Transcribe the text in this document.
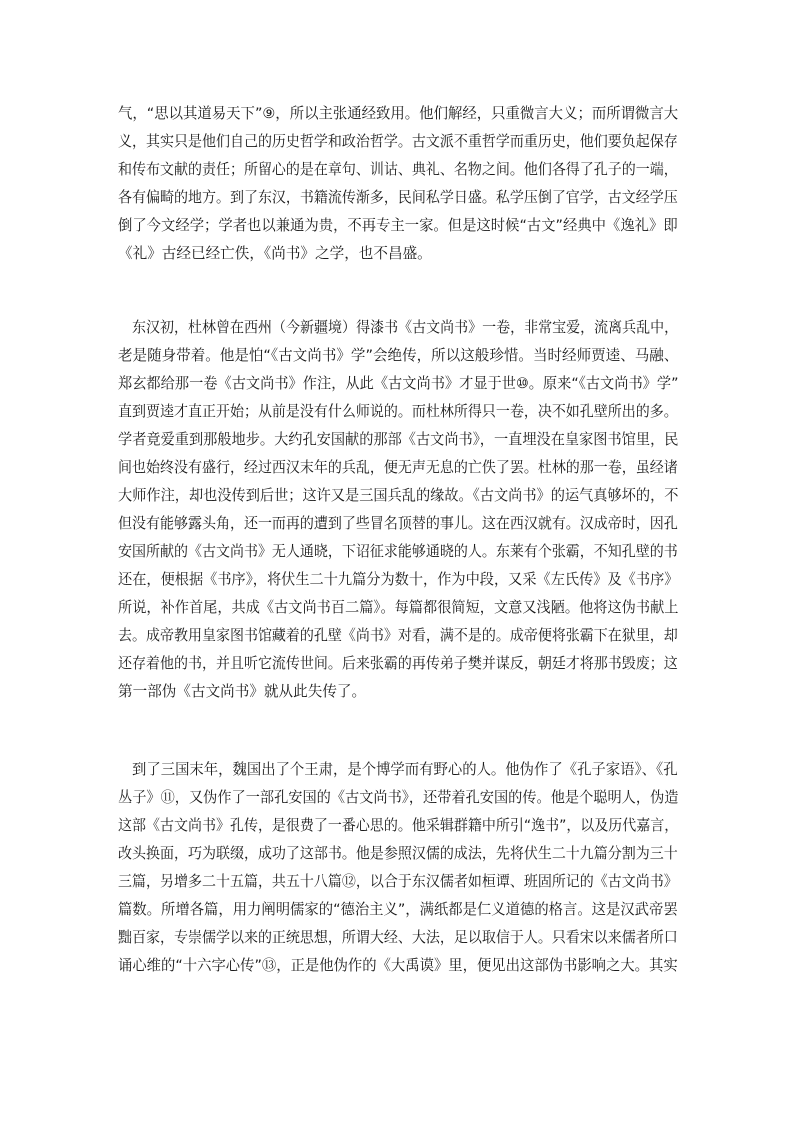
气，“思以其道易天下”⑨，所以主张通经致用。他们解经，只重微言大义；而所谓微言大
义，其实只是他们自己的历史哲学和政治哲学。古文派不重哲学而重历史，他们要负起保存
和传布文献的责任；所留心的是在章句、训诂、典礼、名物之间。他们各得了孔子的一端，
各有偏畸的地方。到了东汉，书籍流传渐多，民间私学日盛。私学压倒了官学，古文经学压
倒了今文经学；学者也以兼通为贵，不再专主一家。但是这时候“古文”经典中《逸礼》即
《礼》古经已经亡佚，《尚书》之学，也不昌盛。
东汉初，杜林曾在西州（今新疆境）得漆书《古文尚书》一卷，非常宝爱，流离兵乱中，
老是随身带着。他是怕“《古文尚书》学”会绝传，所以这般珍惜。当时经师贾逵、马融、
郑玄都给那一卷《古文尚书》作注，从此《古文尚书》才显于世⑩。原来“《古文尚书》学”
直到贾逵才直正开始；从前是没有什么师说的。而杜林所得只一卷，决不如孔壁所出的多。
学者竟爱重到那般地步。大约孔安国献的那部《古文尚书》，一直埋没在皇家图书馆里，民
间也始终没有盛行，经过西汉末年的兵乱，便无声无息的亡佚了罢。杜林的那一卷，虽经诸
大师作注，却也没传到后世；这许又是三国兵乱的缘故。《古文尚书》的运气真够坏的，不
但没有能够露头角，还一而再的遭到了些冒名顶替的事儿。这在西汉就有。汉成帝时，因孔
安国所献的《古文尚书》无人通晓，下诏征求能够通晓的人。东莱有个张霸，不知孔壁的书
还在，便根据《书序》，将伏生二十九篇分为数十，作为中段，又采《左氏传》及《书序》
所说，补作首尾，共成《古文尚书百二篇》。每篇都很简短，文意又浅陋。他将这伪书献上
去。成帝教用皇家图书馆藏着的孔壁《尚书》对看，满不是的。成帝便将张霸下在狱里，却
还存着他的书，并且听它流传世间。后来张霸的再传弟子樊并谋反，朝廷才将那书毁废；这
第一部伪《古文尚书》就从此失传了。
到了三国末年，魏国出了个王肃，是个博学而有野心的人。他伪作了《孔子家语》、《孔
丛子》⑪，又伪作了一部孔安国的《古文尚书》，还带着孔安国的传。他是个聪明人，伪造
这部《古文尚书》孔传，是很费了一番心思的。他采辑群籍中所引“逸书”，以及历代嘉言，
改头换面，巧为联缀，成功了这部书。他是参照汉儒的成法，先将伏生二十九篇分割为三十
三篇，另增多二十五篇，共五十八篇⑫，以合于东汉儒者如桓谭、班固所记的《古文尚书》
篇数。所增各篇，用力阐明儒家的“德治主义”，满纸都是仁义道德的格言。这是汉武帝罢
黜百家，专崇儒学以来的正统思想，所谓大经、大法，足以取信于人。只看宋以来儒者所口
诵心维的“十六字心传”⑬，正是他伪作的《大禹谟》里，便见出这部伪书影响之大。其实
